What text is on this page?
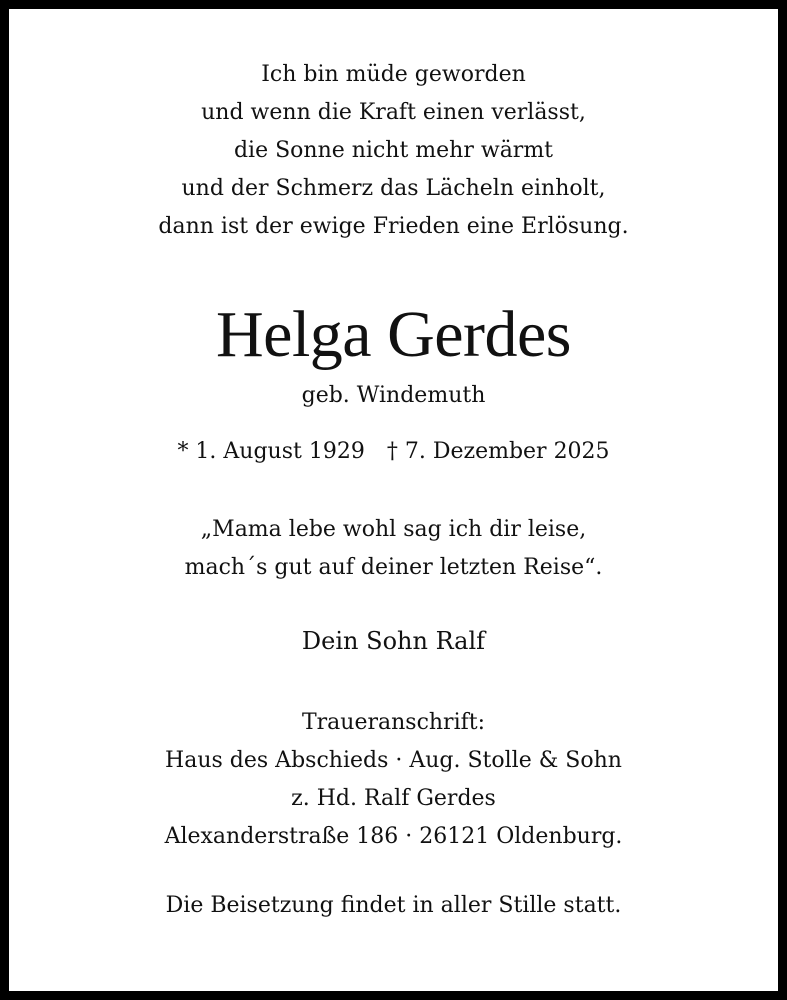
Ich bin müde geworden
und wenn die Kraft einen verlässt,
die Sonne nicht mehr wärmt
und der Schmerz das Lächeln einholt,
dann ist der ewige Frieden eine Erlösung.
Helga Gerdes
geb. Windemuth
* 1. August 1929 † 7. Dezember 2025
„Mama lebe wohl sag ich dir leise,
mach´s gut auf deiner letzten Reise“.
Dein Sohn Ralf
Traueranschrift:
Haus des Abschieds · Aug. Stolle & Sohn
z. Hd. Ralf Gerdes
Alexanderstraße 186 · 26121 Oldenburg.
Die Beisetzung findet in aller Stille statt.
